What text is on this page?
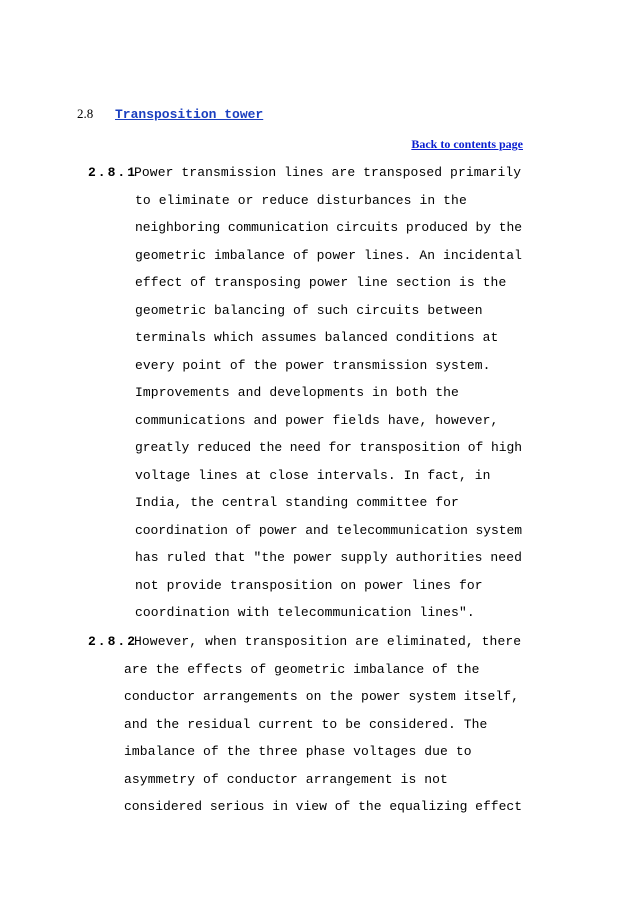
2.8 Transposition tower
Back to contents page
2.8.1
Power transmission lines are transposed primarily
to eliminate or reduce disturbances in the
neighboring communication circuits produced by the
geometric imbalance of power lines. An incidental
effect of transposing power line section is the
geometric balancing of such circuits between
terminals which assumes balanced conditions at
every point of the power transmission system.
Improvements and developments in both the
communications and power fields have, however,
greatly reduced the need for transposition of high
voltage lines at close intervals. In fact, in
India, the central standing committee for
coordination of power and telecommunication system
has ruled that "the power supply authorities need
not provide transposition on power lines for
coordination with telecommunication lines".
2.8.2
However, when transposition are eliminated, there
are the effects of geometric imbalance of the
conductor arrangements on the power system itself,
and the residual current to be considered. The
imbalance of the three phase voltages due to
asymmetry of conductor arrangement is not
considered serious in view of the equalizing effect
